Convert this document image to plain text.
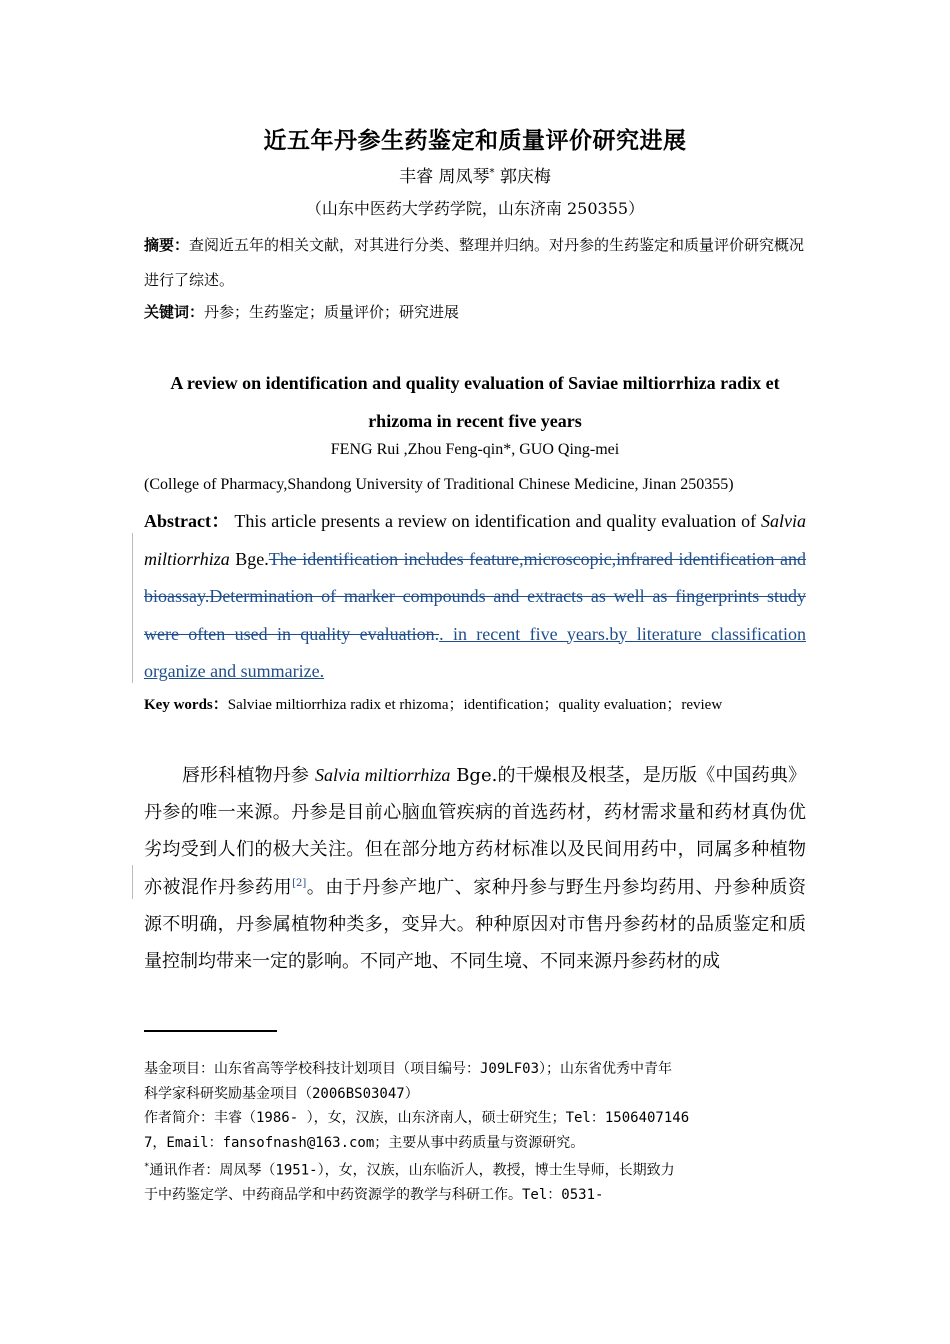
近五年丹参生药鉴定和质量评价研究进展
丰睿 周凤琴* 郭庆梅
（山东中医药大学药学院，山东济南 250355）
摘要：查阅近五年的相关文献，对其进行分类、整理并归纳。对丹参的生药鉴定和质量评价研究概况进行了综述。
关键词：丹参；生药鉴定；质量评价；研究进展
A review on identification and quality evaluation of Saviae miltiorrhiza radix et rhizoma in recent five years
FENG Rui ,Zhou Feng-qin*, GUO Qing-mei
(College of Pharmacy,Shandong University of Traditional Chinese Medicine, Jinan 250355)
Abstract： This article presents a review on identification and quality evaluation of Salvia miltiorrhiza Bge.The identification includes feature,microscopic,infrared identification and bioassay.Determination of marker compounds and extracts as well as fingerprints study were often used in quality evaluation.. in recent five years.by literature classification organize and summarize.
Key words：Salviae miltiorrhiza radix et rhizoma；identification；quality evaluation；review
唇形科植物丹参 Salvia miltiorrhiza Bge.的干燥根及根茎，是历版《中国药典》丹参的唯一来源。丹参是目前心脑血管疾病的首选药材，药材需求量和药材真伪优劣均受到人们的极大关注。但在部分地方药材标准以及民间用药中，同属多种植物亦被混作丹参药用[2]。由于丹参产地广、家种丹参与野生丹参均药用、丹参种质资源不明确，丹参属植物种类多，变异大。种种原因对市售丹参药材的品质鉴定和质量控制均带来一定的影响。不同产地、不同生境、不同来源丹参药材的成

基金项目：山东省高等学校科技计划项目（项目编号：J09LF03）；山东省优秀中青年

科学家科研奖励基金项目（2006BS03047）

作者简介：丰睿（1986- ），女，汉族，山东济南人，硕士研究生；Tel：1506407146

7，Email：fansofnash@163.com；主要从事中药质量与资源研究。

*通讯作者：周凤琴（1951-），女，汉族，山东临沂人，教授，博士生导师，长期致力

于中药鉴定学、中药商品学和中药资源学的教学与科研工作。Tel：0531-
